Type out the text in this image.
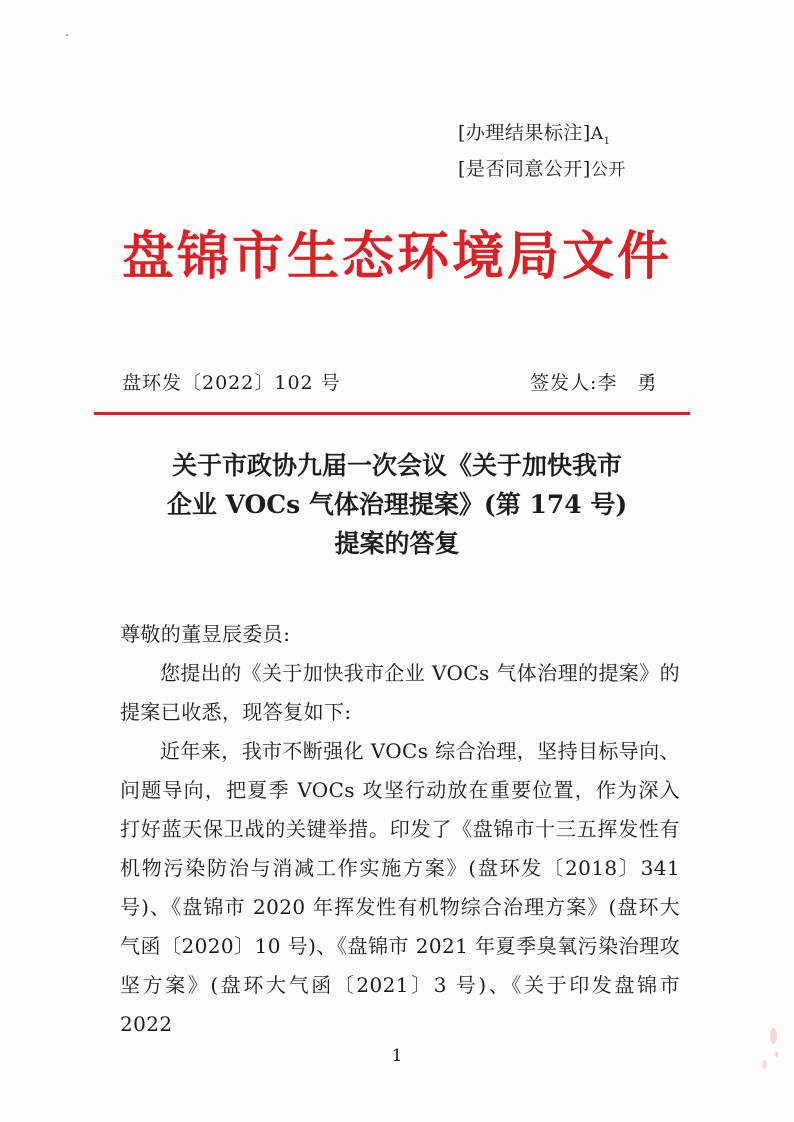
[办理结果标注]$A_1$
[是否同意公开]公开
盘锦市生态环境局文件
盘环发〔2022〕102 号	签发人:李　勇
关于市政协九届一次会议《关于加快我市
企业 VOCs 气体治理提案》(第 174 号)
提案的答复

尊敬的董昱辰委员:

您提出的《关于加快我市企业 VOCs 气体治理的提案》的提案已收悉，现答复如下:

近年来，我市不断强化 VOCs 综合治理，坚持目标导向、问题导向，把夏季 VOCs 攻坚行动放在重要位置，作为深入打好蓝天保卫战的关键举措。印发了《盘锦市十三五挥发性有机物污染防治与消减工作实施方案》(盘环发〔2018〕341 号)、《盘锦市 2020 年挥发性有机物综合治理方案》(盘环大气函〔2020〕10 号)、《盘锦市 2021 年夏季臭氧污染治理攻坚方案》(盘环大气函〔2021〕3 号)、《关于印发盘锦市 2022

1
